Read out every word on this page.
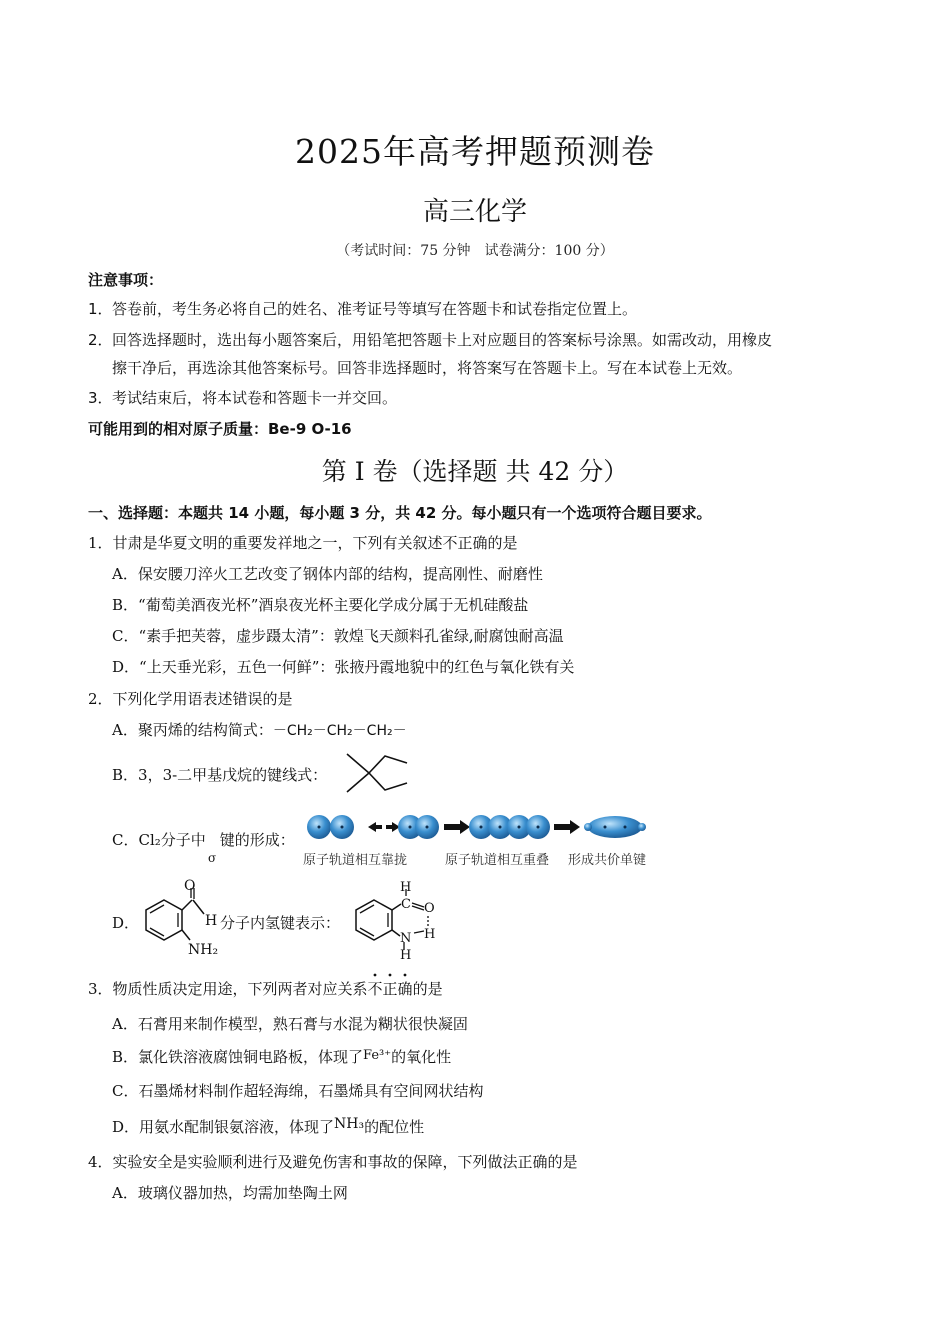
2025年高考押题预测卷
高三化学
（考试时间：75 分钟　试卷满分：100 分）
注意事项：
1．答卷前，考生务必将自己的姓名、准考证号等填写在答题卡和试卷指定位置上。
2．回答选择题时，选出每小题答案后，用铅笔把答题卡上对应题目的答案标号涂黑。如需改动，用橡皮
擦干净后，再选涂其他答案标号。回答非选择题时，将答案写在答题卡上。写在本试卷上无效。
3．考试结束后，将本试卷和答题卡一并交回。
可能用到的相对原子质量：Be-9 O-16
第 I 卷（选择题 共 42 分）
一、选择题：本题共 14 小题，每小题 3 分，共 42 分。每小题只有一个选项符合题目要求。
1．甘肃是华夏文明的重要发祥地之一，下列有关叙述不正确的是
A．保安腰刀淬火工艺改变了钢体内部的结构，提高刚性、耐磨性
B．“葡萄美酒夜光杯”酒泉夜光杯主要化学成分属于无机硅酸盐
C．“素手把芙蓉，虚步蹑太清”：敦煌飞天颜料孔雀绿,耐腐蚀耐高温
D．“上天垂光彩，五色一何鲜”：张掖丹霞地貌中的红色与氧化铁有关
2．下列化学用语表述错误的是
A．聚丙烯的结构简式：－CH₂－CH₂－CH₂－
B．3，3-二甲基戊烷的键线式：
C．Cl₂分子中 键的形成：
σ	原子轨道相互靠拢	原子轨道相互重叠 形成共价单键
D．
O
H
NH₂
分子内氢键表示：
H
C O
N H
H
3．物质性质决定用途，下列两者对应关系不正确
的是
A．石膏用来制作模型，熟石膏与水混为糊状很快凝固
B．氯化铁溶液腐蚀铜电路板，体现了Fe³⁺的氧化性
C．石墨烯材料制作超轻海绵，石墨烯具有空间网状结构
D．用氨水配制银氨溶液，体现了NH₃的配位性
4．实验安全是实验顺利进行及避免伤害和事故的保障，下列做法正确的是
A．玻璃仪器加热，均需加垫陶土网
